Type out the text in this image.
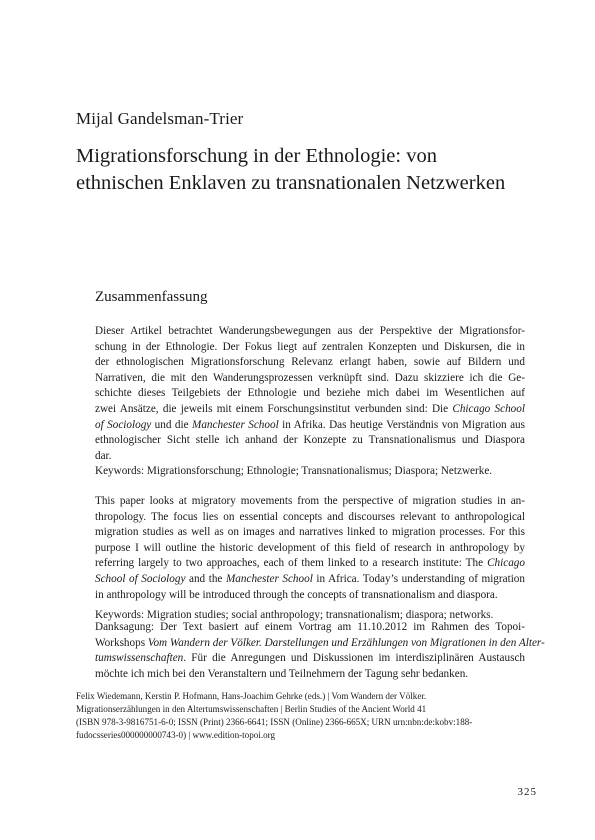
Mijal Gandelsman-Trier
Migrationsforschung in der Ethnologie: von
ethnischen Enklaven zu transnationalen Netzwerken
Zusammenfassung
Dieser Artikel betrachtet Wanderungsbewegungen aus der Perspektive der Migrationsfor-
schung in der Ethnologie. Der Fokus liegt auf zentralen Konzepten und Diskursen, die in
der ethnologischen Migrationsforschung Relevanz erlangt haben, sowie auf Bildern und
Narrativen, die mit den Wanderungsprozessen verknüpft sind. Dazu skizziere ich die Ge-
schichte dieses Teilgebiets der Ethnologie und beziehe mich dabei im Wesentlichen auf
zwei Ansätze, die jeweils mit einem Forschungsinstitut verbunden sind: Die Chicago School
of Sociology und die Manchester School in Afrika. Das heutige Verständnis von Migration aus
ethnologischer Sicht stelle ich anhand der Konzepte zu Transnationalismus und Diaspora
dar.
Keywords: Migrationsforschung; Ethnologie; Transnationalismus; Diaspora; Netzwerke.
This paper looks at migratory movements from the perspective of migration studies in an-
thropology. The focus lies on essential concepts and discourses relevant to anthropological
migration studies as well as on images and narratives linked to migration processes. For this
purpose I will outline the historic development of this field of research in anthropology by
referring largely to two approaches, each of them linked to a research institute: The Chicago
School of Sociology and the Manchester School in Africa. Today’s understanding of migration
in anthropology will be introduced through the concepts of transnationalism and diaspora.
Keywords: Migration studies; social anthropology; transnationalism; diaspora; networks.
Danksagung: Der Text basiert auf einem Vortrag am 11.10.2012 im Rahmen des Topoi-
Workshops Vom Wandern der Völker. Darstellungen und Erzählungen von Migrationen in den Alter-
tumswissenschaften. Für die Anregungen und Diskussionen im interdisziplinären Austausch
möchte ich mich bei den Veranstaltern und Teilnehmern der Tagung sehr bedanken.
Felix Wiedemann, Kerstin P. Hofmann, Hans-Joachim Gehrke (eds.) | Vom Wandern der Völker.
Migrationserzählungen in den Altertumswissenschaften | Berlin Studies of the Ancient World 41
(ISBN 978-3-9816751-6-0; ISSN (Print) 2366-6641; ISSN (Online) 2366-665X; URN urn:nbn:de:kobv:188-
fudocsseries000000000743-0) | www.edition-topoi.org
325
